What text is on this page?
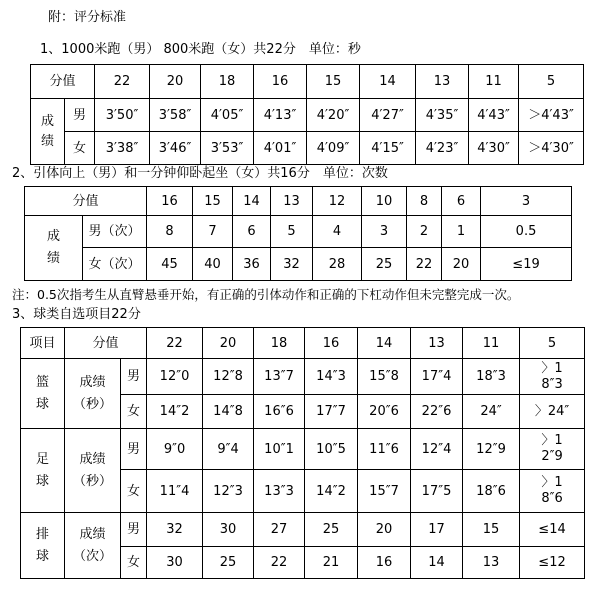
附：评分标准
1、1000米跑（男） 800米跑（女）共22分　单位：秒
分值		22	20	18	16	15	14	13	11	5
成绩	男	3′50″	3′58″	4′05″	4′13″	4′20″	4′27″	4′35″	4′43″	＞4′43″
	女	3′38″	3′46″	3′53″	4′01″	4′09″	4′15″	4′23″	4′30″	＞4′30″
2、引体向上（男）和一分钟仰卧起坐（女）共16分　单位：次数
分值		16	15	14	13	12	10	8	6	3
成绩	男（次）	8	7	6	5	4	3	2	1	0.5
	女（次）	45	40	36	32	28	25	22	20	≤19
注：0.5次指考生从直臂悬垂开始，有正确的引体动作和正确的下杠动作但未完整完成一次。
3、球类自选项目22分
项目	分值		22	20	18	16	14	13	11	5
篮球	成绩（秒）	男	12″0	12″8	13″7	14″3	15″8	17″4	18″3	〉18″3
		女	14″2	14″8	16″6	17″7	20″6	22″6	24″	〉24″
足球	成绩（秒）	男	9″0	9″4	10″1	10″5	11″6	12″4	12″9	〉12″9
		女	11″4	12″3	13″3	14″2	15″7	17″5	18″6	〉18″6
排球	成绩（次）	男	32	30	27	25	20	17	15	≤14
		女	30	25	22	21	16	14	13	≤12
